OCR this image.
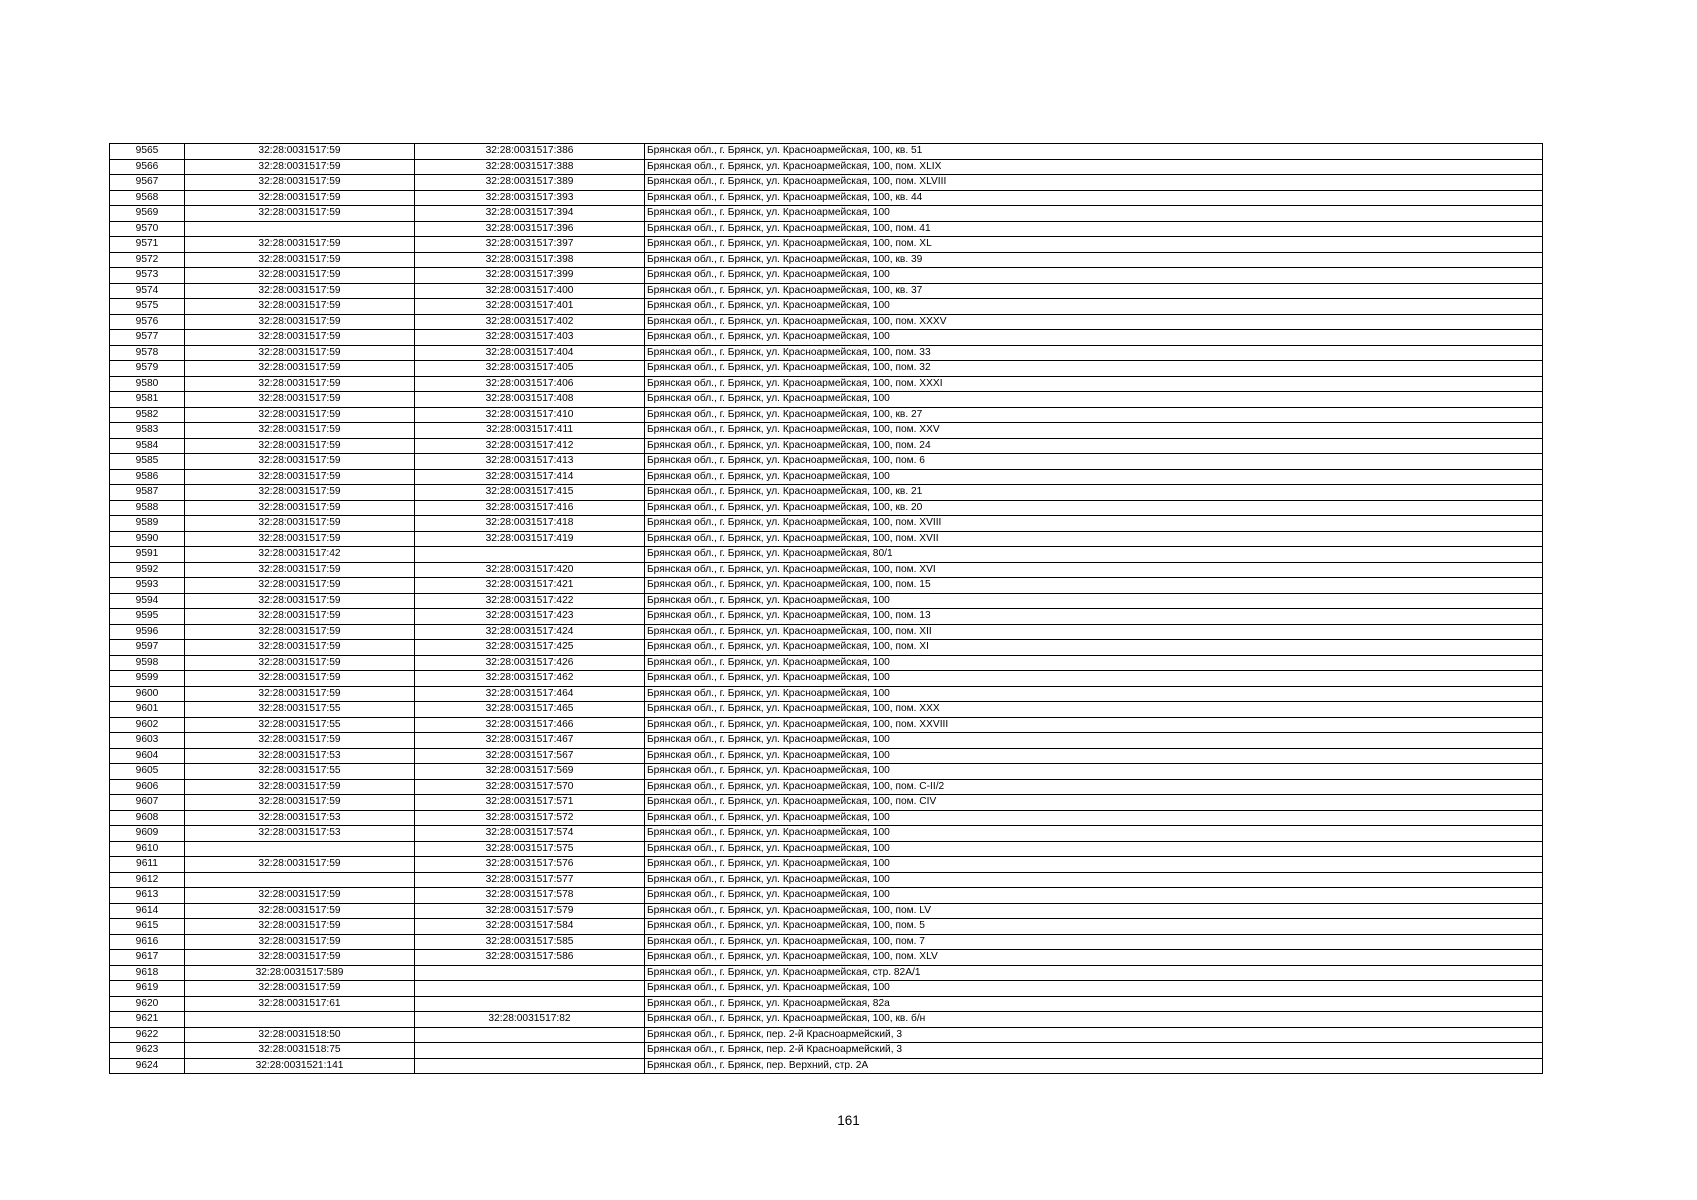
9565	32:28:0031517:59	32:28:0031517:386	Брянская обл., г. Брянск, ул. Красноармейская, 100, кв. 51
9566	32:28:0031517:59	32:28:0031517:388	Брянская обл., г. Брянск, ул. Красноармейская, 100, пом. XLIX
9567	32:28:0031517:59	32:28:0031517:389	Брянская обл., г. Брянск, ул. Красноармейская, 100, пом. XLVIII
9568	32:28:0031517:59	32:28:0031517:393	Брянская обл., г. Брянск, ул. Красноармейская, 100, кв. 44
9569	32:28:0031517:59	32:28:0031517:394	Брянская обл., г. Брянск, ул. Красноармейская, 100
9570		32:28:0031517:396	Брянская обл., г. Брянск, ул. Красноармейская, 100, пом. 41
9571	32:28:0031517:59	32:28:0031517:397	Брянская обл., г. Брянск, ул. Красноармейская, 100, пом. XL
9572	32:28:0031517:59	32:28:0031517:398	Брянская обл., г. Брянск, ул. Красноармейская, 100, кв. 39
9573	32:28:0031517:59	32:28:0031517:399	Брянская обл., г. Брянск, ул. Красноармейская, 100
9574	32:28:0031517:59	32:28:0031517:400	Брянская обл., г. Брянск, ул. Красноармейская, 100, кв. 37
9575	32:28:0031517:59	32:28:0031517:401	Брянская обл., г. Брянск, ул. Красноармейская, 100
9576	32:28:0031517:59	32:28:0031517:402	Брянская обл., г. Брянск, ул. Красноармейская, 100, пом. XXXV
9577	32:28:0031517:59	32:28:0031517:403	Брянская обл., г. Брянск, ул. Красноармейская, 100
9578	32:28:0031517:59	32:28:0031517:404	Брянская обл., г. Брянск, ул. Красноармейская, 100, пом. 33
9579	32:28:0031517:59	32:28:0031517:405	Брянская обл., г. Брянск, ул. Красноармейская, 100, пом. 32
9580	32:28:0031517:59	32:28:0031517:406	Брянская обл., г. Брянск, ул. Красноармейская, 100, пом. XXXI
9581	32:28:0031517:59	32:28:0031517:408	Брянская обл., г. Брянск, ул. Красноармейская, 100
9582	32:28:0031517:59	32:28:0031517:410	Брянская обл., г. Брянск, ул. Красноармейская, 100, кв. 27
9583	32:28:0031517:59	32:28:0031517:411	Брянская обл., г. Брянск, ул. Красноармейская, 100, пом. XXV
9584	32:28:0031517:59	32:28:0031517:412	Брянская обл., г. Брянск, ул. Красноармейская, 100, пом. 24
9585	32:28:0031517:59	32:28:0031517:413	Брянская обл., г. Брянск, ул. Красноармейская, 100, пом. 6
9586	32:28:0031517:59	32:28:0031517:414	Брянская обл., г. Брянск, ул. Красноармейская, 100
9587	32:28:0031517:59	32:28:0031517:415	Брянская обл., г. Брянск, ул. Красноармейская, 100, кв. 21
9588	32:28:0031517:59	32:28:0031517:416	Брянская обл., г. Брянск, ул. Красноармейская, 100, кв. 20
9589	32:28:0031517:59	32:28:0031517:418	Брянская обл., г. Брянск, ул. Красноармейская, 100, пом. XVIII
9590	32:28:0031517:59	32:28:0031517:419	Брянская обл., г. Брянск, ул. Красноармейская, 100, пом. XVII
9591	32:28:0031517:42		Брянская обл., г. Брянск, ул. Красноармейская, 80/1
9592	32:28:0031517:59	32:28:0031517:420	Брянская обл., г. Брянск, ул. Красноармейская, 100, пом. XVI
9593	32:28:0031517:59	32:28:0031517:421	Брянская обл., г. Брянск, ул. Красноармейская, 100, пом. 15
9594	32:28:0031517:59	32:28:0031517:422	Брянская обл., г. Брянск, ул. Красноармейская, 100
9595	32:28:0031517:59	32:28:0031517:423	Брянская обл., г. Брянск, ул. Красноармейская, 100, пом. 13
9596	32:28:0031517:59	32:28:0031517:424	Брянская обл., г. Брянск, ул. Красноармейская, 100, пом. XII
9597	32:28:0031517:59	32:28:0031517:425	Брянская обл., г. Брянск, ул. Красноармейская, 100, пом. XI
9598	32:28:0031517:59	32:28:0031517:426	Брянская обл., г. Брянск, ул. Красноармейская, 100
9599	32:28:0031517:59	32:28:0031517:462	Брянская обл., г. Брянск, ул. Красноармейская, 100
9600	32:28:0031517:59	32:28:0031517:464	Брянская обл., г. Брянск, ул. Красноармейская, 100
9601	32:28:0031517:55	32:28:0031517:465	Брянская обл., г. Брянск, ул. Красноармейская, 100, пом. XXX
9602	32:28:0031517:55	32:28:0031517:466	Брянская обл., г. Брянск, ул. Красноармейская, 100, пом. XXVIII
9603	32:28:0031517:59	32:28:0031517:467	Брянская обл., г. Брянск, ул. Красноармейская, 100
9604	32:28:0031517:53	32:28:0031517:567	Брянская обл., г. Брянск, ул. Красноармейская, 100
9605	32:28:0031517:55	32:28:0031517:569	Брянская обл., г. Брянск, ул. Красноармейская, 100
9606	32:28:0031517:59	32:28:0031517:570	Брянская обл., г. Брянск, ул. Красноармейская, 100, пом. C-II/2
9607	32:28:0031517:59	32:28:0031517:571	Брянская обл., г. Брянск, ул. Красноармейская, 100, пом. CIV
9608	32:28:0031517:53	32:28:0031517:572	Брянская обл., г. Брянск, ул. Красноармейская, 100
9609	32:28:0031517:53	32:28:0031517:574	Брянская обл., г. Брянск, ул. Красноармейская, 100
9610		32:28:0031517:575	Брянская обл., г. Брянск, ул. Красноармейская, 100
9611	32:28:0031517:59	32:28:0031517:576	Брянская обл., г. Брянск, ул. Красноармейская, 100
9612		32:28:0031517:577	Брянская обл., г. Брянск, ул. Красноармейская, 100
9613	32:28:0031517:59	32:28:0031517:578	Брянская обл., г. Брянск, ул. Красноармейская, 100
9614	32:28:0031517:59	32:28:0031517:579	Брянская обл., г. Брянск, ул. Красноармейская, 100, пом. LV
9615	32:28:0031517:59	32:28:0031517:584	Брянская обл., г. Брянск, ул. Красноармейская, 100, пом. 5
9616	32:28:0031517:59	32:28:0031517:585	Брянская обл., г. Брянск, ул. Красноармейская, 100, пом. 7
9617	32:28:0031517:59	32:28:0031517:586	Брянская обл., г. Брянск, ул. Красноармейская, 100, пом. XLV
9618	32:28:0031517:589		Брянская обл., г. Брянск, ул. Красноармейская, стр. 82А/1
9619	32:28:0031517:59		Брянская обл., г. Брянск, ул. Красноармейская, 100
9620	32:28:0031517:61		Брянская обл., г. Брянск, ул. Красноармейская, 82а
9621		32:28:0031517:82	Брянская обл., г. Брянск, ул. Красноармейская, 100, кв. б/н
9622	32:28:0031518:50		Брянская обл., г. Брянск, пер. 2-й Красноармейский, 3
9623	32:28:0031518:75		Брянская обл., г. Брянск, пер. 2-й Красноармейский, 3
9624	32:28:0031521:141		Брянская обл., г. Брянск, пер. Верхний, стр. 2А
161
